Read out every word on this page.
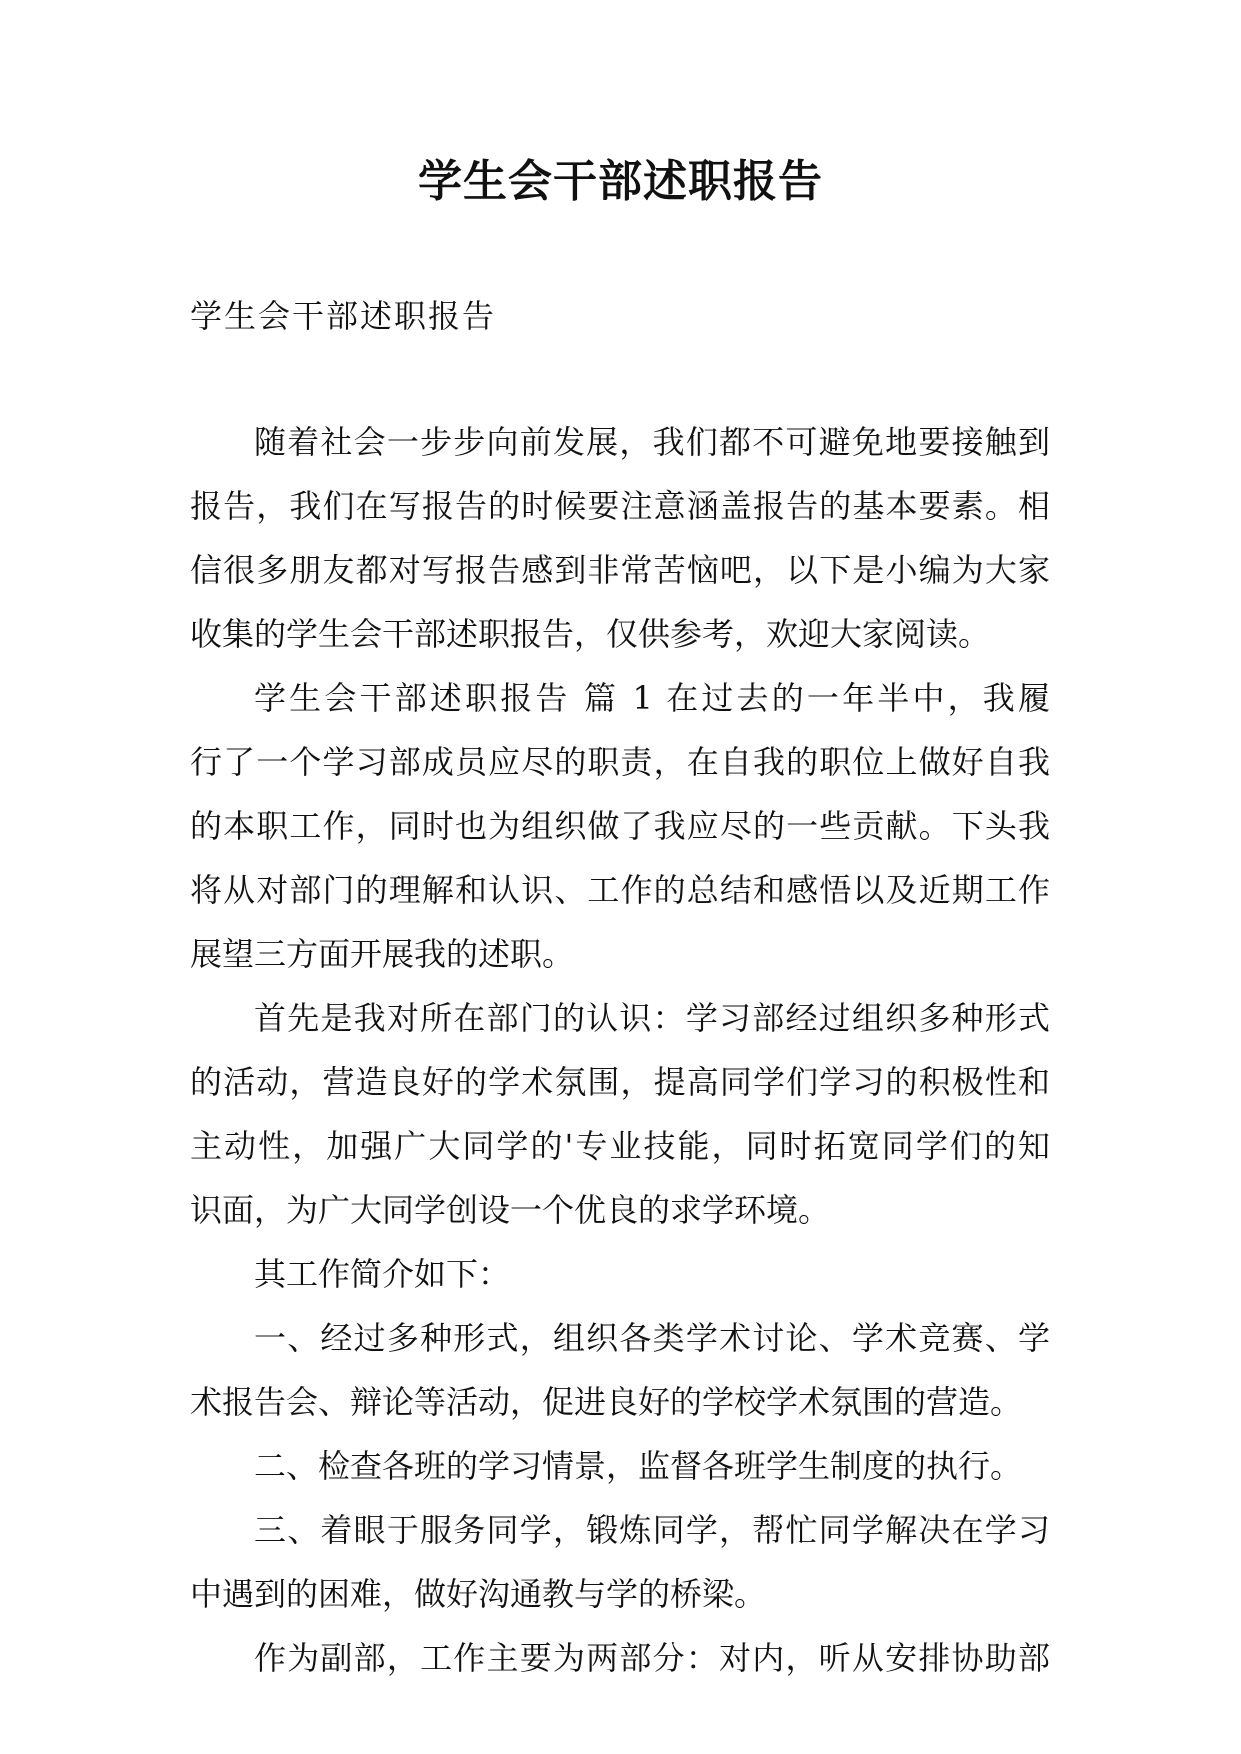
学生会干部述职报告
学生会干部述职报告
随着社会一步步向前发展，我们都不可避免地要接触到
报告，我们在写报告的时候要注意涵盖报告的基本要素。相
信很多朋友都对写报告感到非常苦恼吧，以下是小编为大家
收集的学生会干部述职报告，仅供参考，欢迎大家阅读。
学生会干部述职报告 篇 1 在过去的一年半中，我履
行了一个学习部成员应尽的职责，在自我的职位上做好自我
的本职工作，同时也为组织做了我应尽的一些贡献。下头我
将从对部门的理解和认识、工作的总结和感悟以及近期工作
展望三方面开展我的述职。
首先是我对所在部门的认识：学习部经过组织多种形式
的活动，营造良好的学术氛围，提高同学们学习的积极性和
主动性，加强广大同学的'专业技能，同时拓宽同学们的知
识面，为广大同学创设一个优良的求学环境。
其工作简介如下：
一、经过多种形式，组织各类学术讨论、学术竞赛、学
术报告会、辩论等活动，促进良好的学校学术氛围的营造。
二、检查各班的学习情景，监督各班学生制度的执行。
三、着眼于服务同学，锻炼同学，帮忙同学解决在学习
中遇到的困难，做好沟通教与学的桥梁。
作为副部，工作主要为两部分：对内，听从安排协助部
